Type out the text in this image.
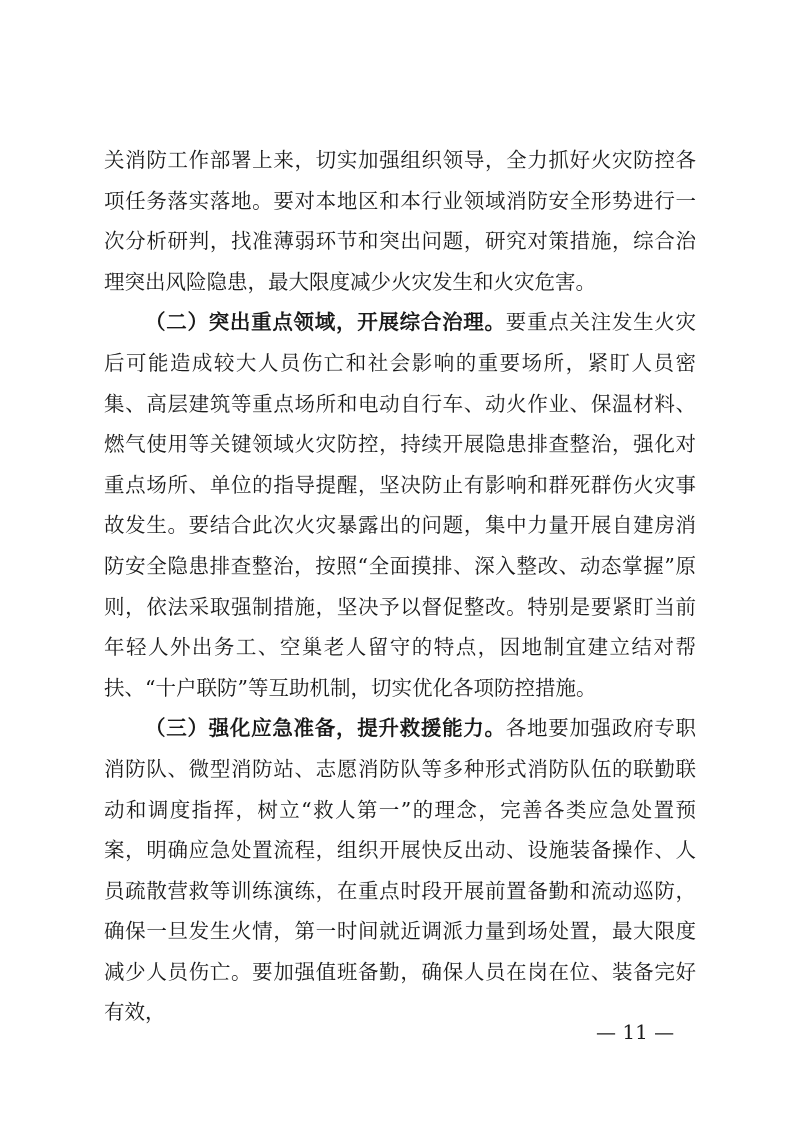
关消防工作部署上来，切实加强组织领导，全力抓好火灾防控各项任务落实落地。要对本地区和本行业领域消防安全形势进行一次分析研判，找准薄弱环节和突出问题，研究对策措施，综合治理突出风险隐患，最大限度减少火灾发生和火灾危害。

（二）突出重点领域，开展综合治理。要重点关注发生火灾后可能造成较大人员伤亡和社会影响的重要场所，紧盯人员密集、高层建筑等重点场所和电动自行车、动火作业、保温材料、燃气使用等关键领域火灾防控，持续开展隐患排查整治，强化对重点场所、单位的指导提醒，坚决防止有影响和群死群伤火灾事故发生。要结合此次火灾暴露出的问题，集中力量开展自建房消防安全隐患排查整治，按照“全面摸排、深入整改、动态掌握”原则，依法采取强制措施，坚决予以督促整改。特别是要紧盯当前年轻人外出务工、空巢老人留守的特点，因地制宜建立结对帮扶、“十户联防”等互助机制，切实优化各项防控措施。

（三）强化应急准备，提升救援能力。各地要加强政府专职消防队、微型消防站、志愿消防队等多种形式消防队伍的联勤联动和调度指挥，树立“救人第一”的理念，完善各类应急处置预案，明确应急处置流程，组织开展快反出动、设施装备操作、人员疏散营救等训练演练，在重点时段开展前置备勤和流动巡防，确保一旦发生火情，第一时间就近调派力量到场处置，最大限度减少人员伤亡。要加强值班备勤，确保人员在岗在位、装备完好有效，

— 11 —
